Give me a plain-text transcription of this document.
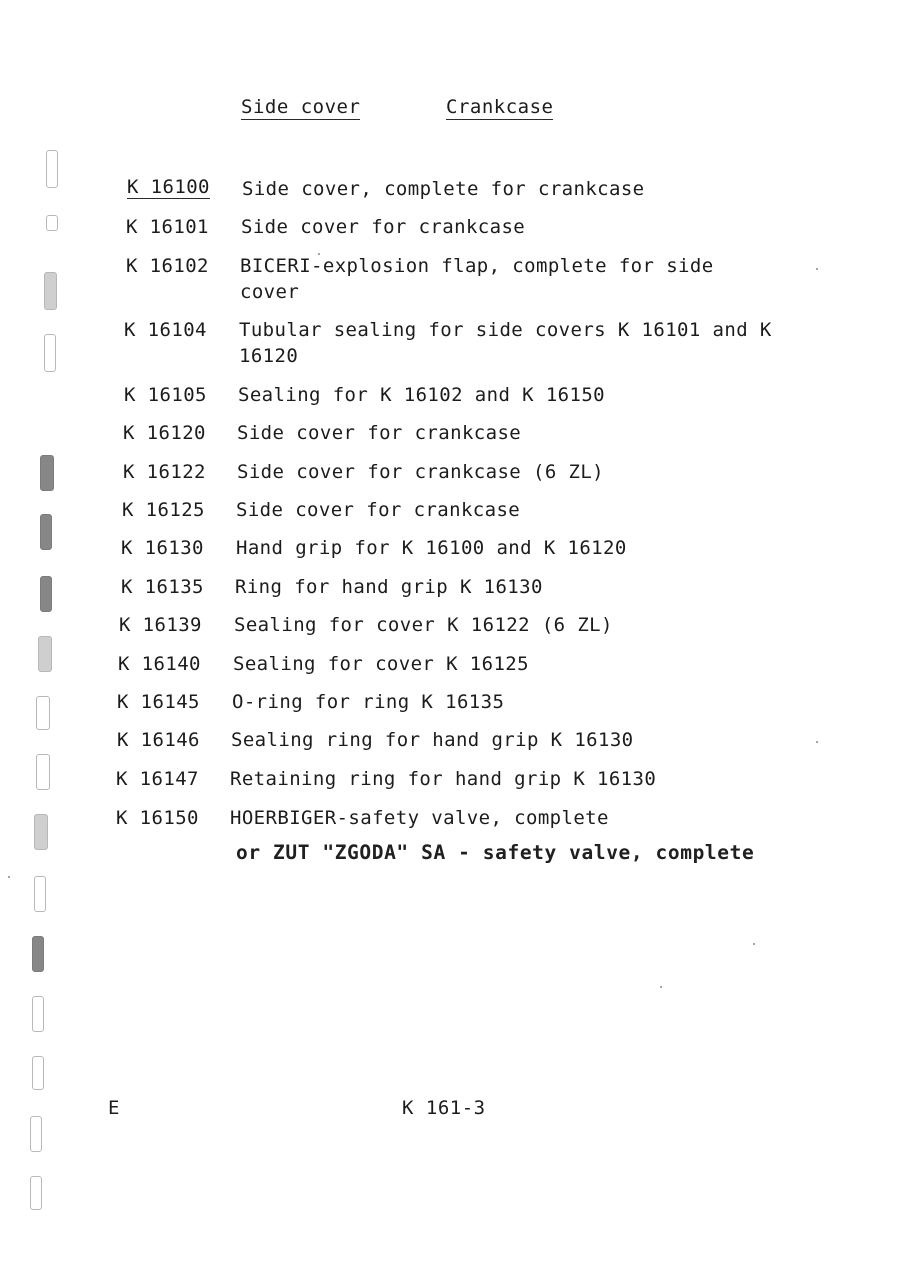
Side cover	Crankcase
K 16100 Side cover, complete for crankcase
K 16101 Side cover for crankcase
K 16102 BICERI-explosion flap, complete for side cover
K 16104 Tubular sealing for side covers K 16101 and K 16120
K 16105 Sealing for K 16102 and K 16150
K 16120 Side cover for crankcase
K 16122 Side cover for crankcase (6 ZL)
K 16125 Side cover for crankcase
K 16130 Hand grip for K 16100 and K 16120
K 16135 Ring for hand grip K 16130
K 16139 Sealing for cover K 16122 (6 ZL)
K 16140 Sealing for cover K 16125
K 16145 O-ring for ring K 16135
K 16146 Sealing ring for hand grip K 16130
K 16147 Retaining ring for hand grip K 16130
K 16150 HOERBIGER-safety valve, complete
or ZUT "ZGODA" SA - safety valve, complete
E	K 161-3
